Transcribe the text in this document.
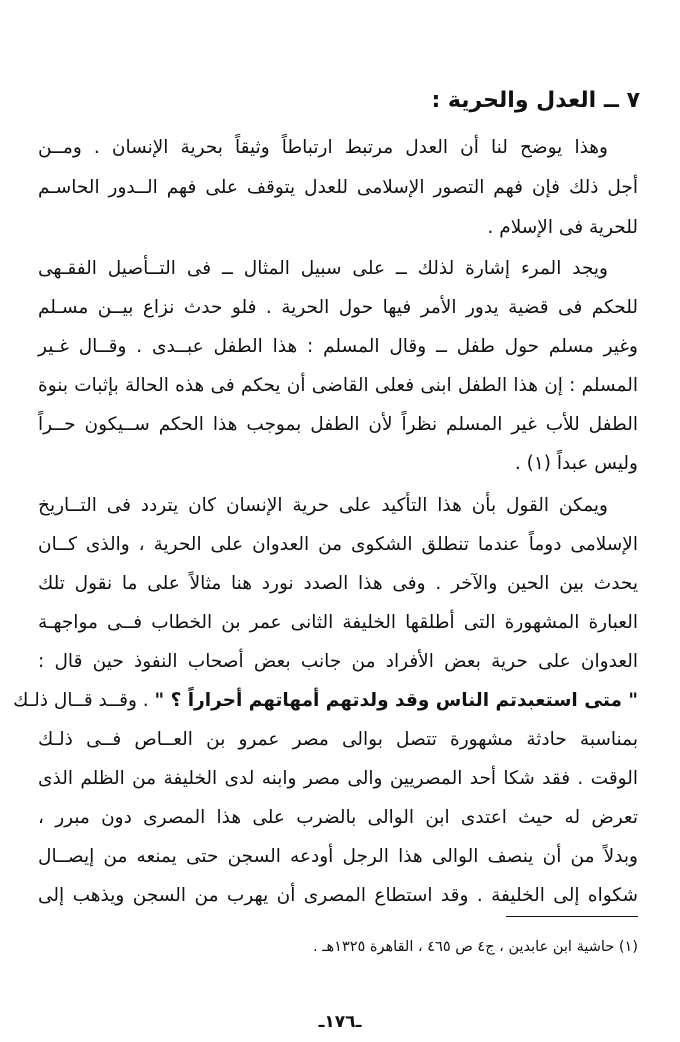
٧ ــ العدل والحرية :
وهذا يوضح لنا أن العدل مرتبط ارتباطاً وثيقاً بحرية الإنسان . ومــن
أجل ذلك فإن فهم التصور الإسلامى للعدل يتوقف على فهم الــدور الحاسـم
للحرية فى الإسلام .
ويجد المرء إشارة لذلك ــ على سبيل المثال ــ فى التــأصيل الفقـهى
للحكم فى قضية يدور الأمر فيها حول الحرية . فلو حدث نزاع بيــن مسـلم
وغير مسلم حول طفل ــ وقال المسلم : هذا الطفل عبــدى . وقــال غـير
المسلم : إن هذا الطفل ابنى فعلى القاضى أن يحكم فى هذه الحالة بإثبات بنوة
الطفل للأب غير المسلم نظراً لأن الطفل بموجب هذا الحكم ســيكون حــراً
وليس عبداً (١) .
ويمكن القول بأن هذا التأكيد على حرية الإنسان كان يتردد فى التــاريخ
الإسلامى دوماً عندما تنطلق الشكوى من العدوان على الحرية ، والذى كــان
يحدث بين الحين والآخر . وفى هذا الصدد نورد هنا مثالاً على ما نقول تلك
العبارة المشهورة التى أطلقها الخليفة الثانى عمر بن الخطاب فــى مواجهـة
العدوان على حرية بعض الأفراد من جانب بعض أصحاب النفوذ حين قال :
" متى استعبدتم الناس وقد ولدتهم أمهاتهم أحراراً ؟ " . وقــد قــال ذلـك
بمناسبة حادثة مشهورة تتصل بوالى مصر عمرو بن العــاص فــى ذلـك
الوقت . فقد شكا أحد المصريين والى مصر وابنه لدى الخليفة من الظلم الذى
تعرض له حيث اعتدى ابن الوالى بالضرب على هذا المصرى دون مبرر ،
وبدلاً من أن ينصف الوالى هذا الرجل أودعه السجن حتى يمنعه من إيصــال
شكواه إلى الخليفة . وقد استطاع المصرى أن يهرب من السجن ويذهب إلى
(١) حاشية ابن عابدين ، ج٤ ص ٤٦٥ ، القاهرة ١٣٢٥هـ .
ـ١٧٦ـ
